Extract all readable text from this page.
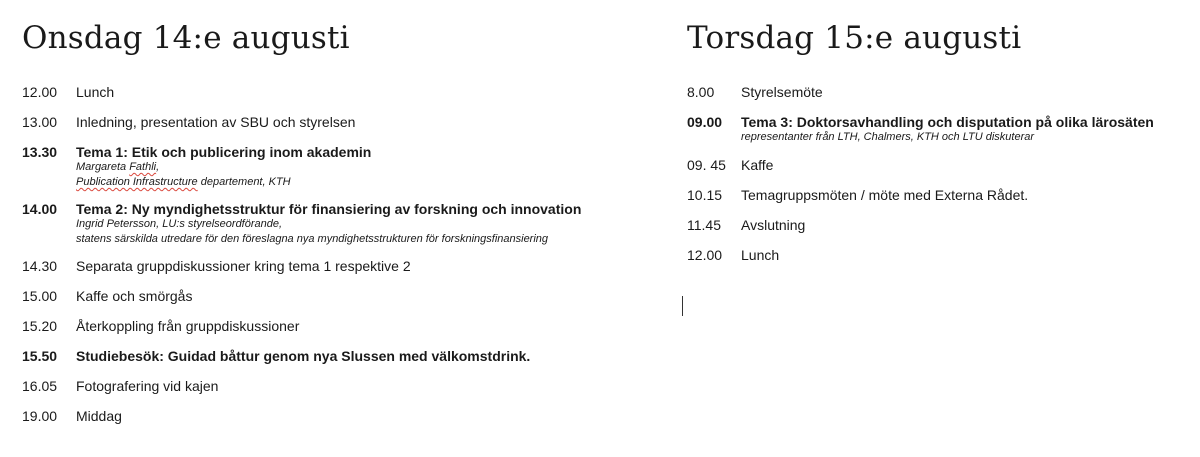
Onsdag 14:e augusti
12.00	Lunch
13.00	Inledning, presentation av SBU och styrelsen
13.30	Tema 1: Etik och publicering inom akademin
Margareta Fathli,
Publication Infrastructure departement, KTH
14.00	Tema 2: Ny myndighetsstruktur för finansiering av forskning och innovation
Ingrid Petersson, LU:s styrelseordförande,
statens särskilda utredare för den föreslagna nya myndighetsstrukturen för forskningsfinansiering
14.30	Separata gruppdiskussioner kring tema 1 respektive 2
15.00	Kaffe och smörgås
15.20	Återkoppling från gruppdiskussioner
15.50	Studiebesök: Guidad båttur genom nya Slussen med välkomstdrink.
16.05	Fotografering vid kajen
19.00	Middag
Torsdag 15:e augusti
8.00	Styrelsemöte
09.00	Tema 3: Doktorsavhandling och disputation på olika lärosäten
representanter från LTH, Chalmers, KTH och LTU diskuterar
09. 45	Kaffe
10.15	Temagruppsmöten / möte med Externa Rådet.
11.45	Avslutning
12.00	Lunch
